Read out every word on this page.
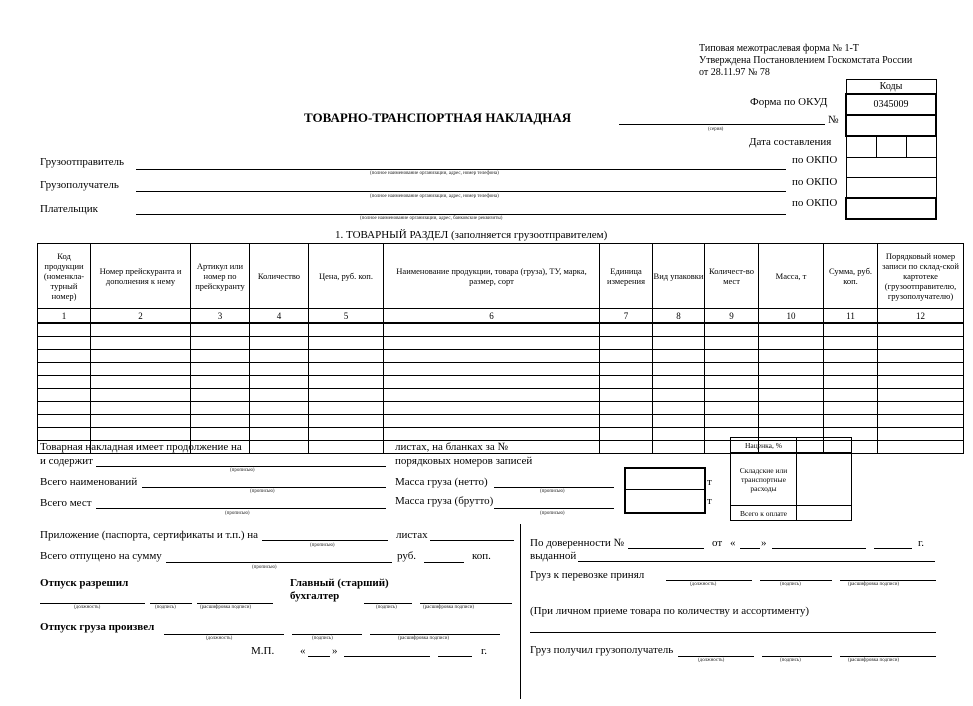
Типовая межотраслевая форма № 1-Т
Утверждена Постановлением Госкомстата России
от 28.11.97 № 78
ТОВАРНО-ТРАНСПОРТНАЯ НАКЛАДНАЯ
(серия)
Форма по ОКУД
№
Дата составления
Коды
0345009

Грузоотправитель
(полное наименование организации, адрес, номер телефона)
по ОКПО
Грузополучатель
(полное наименование организации, адрес, номер телефона)
по ОКПО
Плательщик
(полное наименование организации, адрес, банковские реквизиты)
по ОКПО
1. ТОВАРНЫЙ РАЗДЕЛ (заполняется грузоотправителем)
Код продукции (номенкла-турный номер)	Номер прейскуранта и дополнения к нему	Артикул или номер по прейскуранту	Количество	Цена, руб. коп.	Наименование продукции, товара (груза), ТУ, марка, размер, сорт	Единица измерения	Вид упаковки	Количест-во мест	Масса, т	Сумма, руб. коп.	Порядковый номер записи по склад-ской картотеке (грузоотправителю, грузополучателю)
1	2	3	4	5	6	7	8	9	10	11	12

Наценка, %	
Складские или транспортные расходы	
Всего к оплате	
Товарная накладная имеет продолжение на	листах, на бланках за №
и содержит
(прописью)
порядковых номеров записей
Всего наименований
(прописью)
Масса груза (нетто)
(прописью)
т
Всего мест
(прописью)
Масса груза (брутто)
(прописью)
т
Приложение (паспорта, сертификаты и т.п.) на
(прописью)
листах
Всего отпущено на сумму
(прописью)
руб.	коп.
Отпуск разрешил
(должность)	(подпись)	(расшифровка подписи)
Главный (старший)
бухгалтер
(подпись)	(расшифровка подписи)
Отпуск груза произвел
(должность)	(подпись)	(расшифровка подписи)
М.П. « »	г.
По доверенности №	от « »	г.
выданной
Груз к перевозке принял
(должность)	(подпись)	(расшифровка подписи)
(При личном приеме товара по количеству и ассортименту)
Груз получил грузополучатель
(должность)	(подпись)	(расшифровка подписи)
